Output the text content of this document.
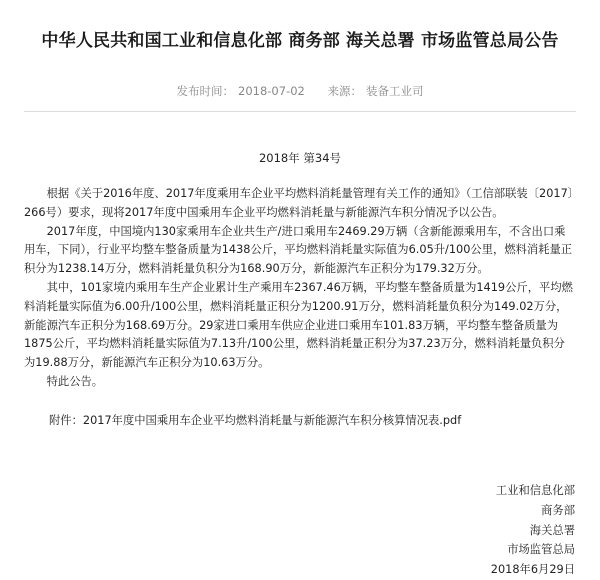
中华人民共和国工业和信息化部 商务部 海关总署 市场监管总局公告
发布时间： 2018-07-02 来源： 装备工业司
2018年 第34号

根据《关于2016年度、2017年度乘用车企业平均燃料消耗量管理有关工作的通知》（工信部联装〔2017〕266号）要求，现将2017年度中国乘用车企业平均燃料消耗量与新能源汽车积分情况予以公告。

2017年度，中国境内130家乘用车企业共生产/进口乘用车2469.29万辆（含新能源乘用车，不含出口乘用车，下同），行业平均整车整备质量为1438公斤，平均燃料消耗量实际值为6.05升/100公里，燃料消耗量正积分为1238.14万分，燃料消耗量负积分为168.90万分，新能源汽车正积分为179.32万分。

其中，101家境内乘用车生产企业累计生产乘用车2367.46万辆，平均整车整备质量为1419公斤，平均燃料消耗量实际值为6.00升/100公里，燃料消耗量正积分为1200.91万分，燃料消耗量负积分为149.02万分，新能源汽车正积分为168.69万分。29家进口乘用车供应企业进口乘用车101.83万辆，平均整车整备质量为1875公斤，平均燃料消耗量实际值为7.13升/100公里，燃料消耗量正积分为37.23万分，燃料消耗量负积分为19.88万分，新能源汽车正积分为10.63万分。

特此公告。

附件：2017年度中国乘用车企业平均燃料消耗量与新能源汽车积分核算情况表.pdf
工业和信息化部
商务部
海关总署
市场监管总局
2018年6月29日
